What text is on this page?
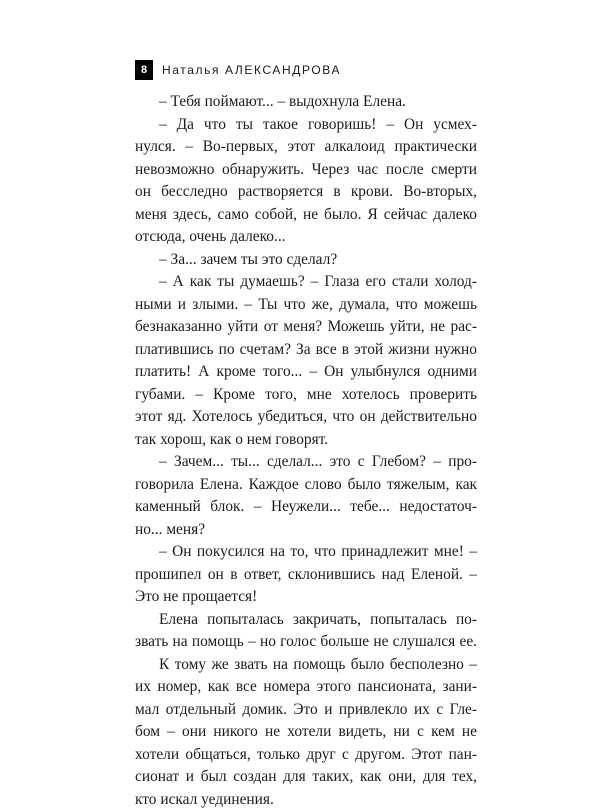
8	Наталья АЛЕКСАНДРОВА
– Тебя поймают... – выдохнула Елена.
– Да что ты такое говоришь! – Он усмех-
нулся. – Во-первых, этот алкалоид практически
невозможно обнаружить. Через час после смерти
он бесследно растворяется в крови. Во-вторых,
меня здесь, само собой, не было. Я сейчас далеко
отсюда, очень далеко...
– За... зачем ты это сделал?
– А как ты думаешь? – Глаза его стали холод-
ными и злыми. – Ты что же, думала, что можешь
безнаказанно уйти от меня? Можешь уйти, не рас-
платившись по счетам? За все в этой жизни нужно
платить! А кроме того... – Он улыбнулся одними
губами. – Кроме того, мне хотелось проверить
этот яд. Хотелось убедиться, что он действительно
так хорош, как о нем говорят.
– Зачем... ты... сделал... это с Глебом? – про-
говорила Елена. Каждое слово было тяжелым, как
каменный блок. – Неужели... тебе... недостаточ-
но... меня?
– Он покусился на то, что принадлежит мне! –
прошипел он в ответ, склонившись над Еленой. –
Это не прощается!
Елена попыталась закричать, попыталась по-
звать на помощь – но голос больше не слушался ее.
К тому же звать на помощь было бесполезно –
их номер, как все номера этого пансионата, зани-
мал отдельный домик. Это и привлекло их с Гле-
бом – они никого не хотели видеть, ни с кем не
хотели общаться, только друг с другом. Этот пан-
сионат и был создан для таких, как они, для тех,
кто искал уединения.
